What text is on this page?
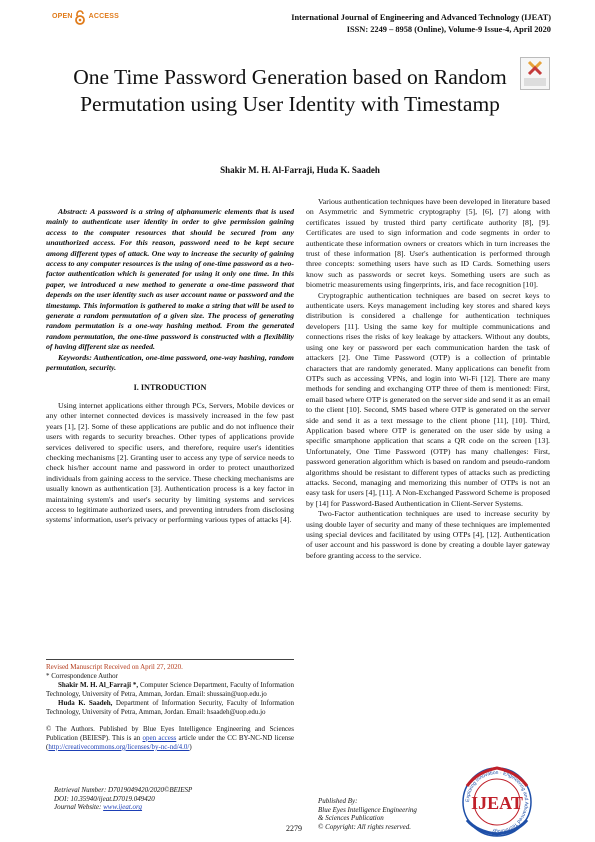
OPEN ACCESS	International Journal of Engineering and Advanced Technology (IJEAT)
ISSN: 2249 – 8958 (Online), Volume-9 Issue-4, April 2020
One Time Password Generation based on Random Permutation using User Identity with Timestamp
Shakir M. H. Al-Farraji, Huda K. Saadeh

Abstract: A password is a string of alphanumeric elements that is used mainly to authenticate user identity in order to give permission gaining access to the computer resources that should be secured from any unauthorized access. For this reason, password need to be kept secure among different types of attack. One way to increase the security of gaining access to any computer resources is the using of one-time password as a two-factor authentication which is generated for using it only one time. In this paper, we introduced a new method to generate a one-time password that depends on the user identity such as user account name or password and the timestamp. This information is gathered to make a string that will be used to generate a random permutation of a given size. The process of generating random permutation is a one-way hashing method. From the generated random permutation, the one-time password is constructed with a flexibility of having different size as needed.

Keywords: Authentication, one-time password, one-way hashing, random permutation, security.

I. INTRODUCTION

Using internet applications either through PCs, Servers, Mobile devices or any other internet connected devices is massively increased in the few past years [1], [2]. Some of these applications are public and do not influence their users with regards to security breaches. Other types of applications provide services delivered to specific users, and therefore, require user's identities checking mechanisms [2]. Granting user to access any type of service needs to check his/her account name and password in order to protect unauthorized individuals from gaining access to the service. These checking mechanisms are usually known as authentication [3]. Authentication process is a key factor in maintaining system's and user's security by limiting systems and services access to legitimate authorized users, and preventing intruders from disclosing systems' information, user's privacy or performing various types of attacks [4].

Various authentication techniques have been developed in literature based on Asymmetric and Symmetric cryptography [5], [6], [7] along with certificates issued by trusted third party certificate authority [8], [9]. Certificates are used to sign information and code segments in order to authenticate these information owners or creators which in turn increases the trust of these information [8]. User's authentication is performed through three concepts: something users have such as ID Cards. Something users know such as passwords or secret keys. Something users are such as biometric measurements using fingerprints, iris, and face recognition [10].

Cryptographic authentication techniques are based on secret keys to authenticate users. Keys management including key stores and shared keys distribution is considered a challenge for authentication techniques developers [11]. Using the same key for multiple communications and connections rises the risks of key leakage by attackers. Without any doubts, using one key or password per each communication harden the task of attackers [2]. One Time Password (OTP) is a collection of printable characters that are randomly generated. Many applications can benefit from OTPs such as accessing VPNs, and login into Wi-Fi [12]. There are many methods for sending and exchanging OTP three of them is mentioned: First, email based where OTP is generated on the server side and send it as an email to the client [10]. Second, SMS based where OTP is generated on the server side and send it as a text message to the client phone [11], [10]. Third, Application based where OTP is generated on the user side by using a specific smartphone application that scans a QR code on the screen [13]. Unfortunately, One Time Password (OTP) has many challenges: First, password generation algorithm which is based on random and pseudo-random algorithms should be resistant to different types of attacks such as predicting attacks. Second, managing and memorizing this number of OTPs is not an easy task for users [4], [11]. A Non-Exchanged Password Scheme is proposed by [14] for Password-Based Authentication in Client-Server Systems.

Two-Factor authentication techniques are used to increase security by using double layer of security and many of these techniques are implemented using special devices and facilitated by using OTPs [4], [12]. Authentication of user account and his password is done by creating a double layer gateway before granting access to the service.

Revised Manuscript Received on April 27, 2020.

* Correspondence Author

Shakir M. H. Al_Farraji *, Computer Science Department, Faculty of Information Technology, University of Petra, Amman, Jordan. Email: shussain@uop.edu.jo

Huda K. Saadeh, Department of Information Security, Faculty of Information Technology, University of Petra, Amman, Jordan. Email: hsaadeh@uop.edu.jo

© The Authors. Published by Blue Eyes Intelligence Engineering and Sciences Publication (BEIESP). This is an open access article under the CC BY-NC-ND license (http://creativecommons.org/licenses/by-nc-nd/4.0/)

Retrieval Number: D7019049420/2020©BEIESP
DOI: 10.35940/ijeat.D7019.049420
Journal Website: www.ijeat.org
2279
Published By:
Blue Eyes Intelligence Engineering
& Sciences Publication
© Copyright: All rights reserved.
Exploring Innovation · Engineering and Advanced Technology
IJEAT
